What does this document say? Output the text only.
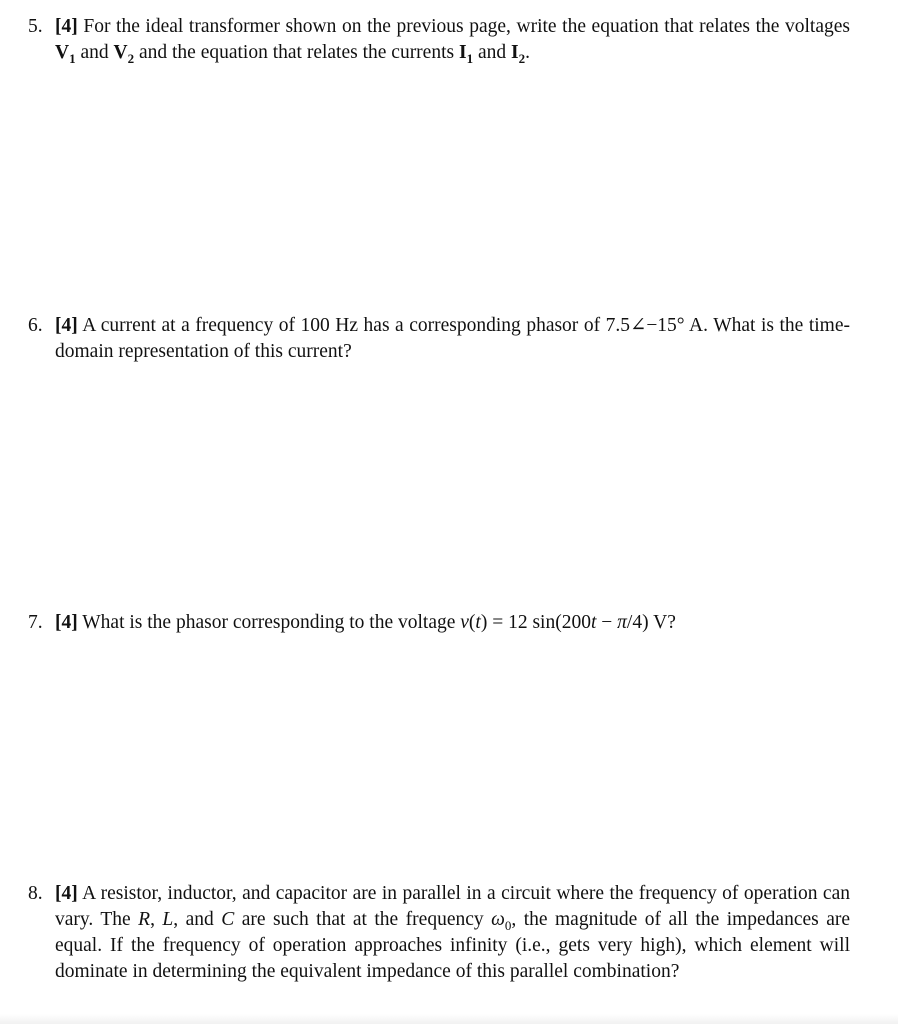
5. [4] For the ideal transformer shown on the previous page, write the equation that relates the voltages $V_1$ and $V_2$ and the equation that relates the currents $I_1$ and $I_2$.
6. [4] A current at a frequency of 100 Hz has a corresponding phasor of 7.5∠−15° A. What is the time-domain representation of this current?
7. [4] What is the phasor corresponding to the voltage v(t) = 12 sin(200t − π/4) V?
8. [4] A resistor, inductor, and capacitor are in parallel in a circuit where the frequency of operation can vary. The R, L, and C are such that at the frequency $\omega_0$, the magnitude of all the impedances are equal. If the frequency of operation approaches infinity (i.e., gets very high), which element will dominate in determining the equivalent impedance of this parallel combination?
